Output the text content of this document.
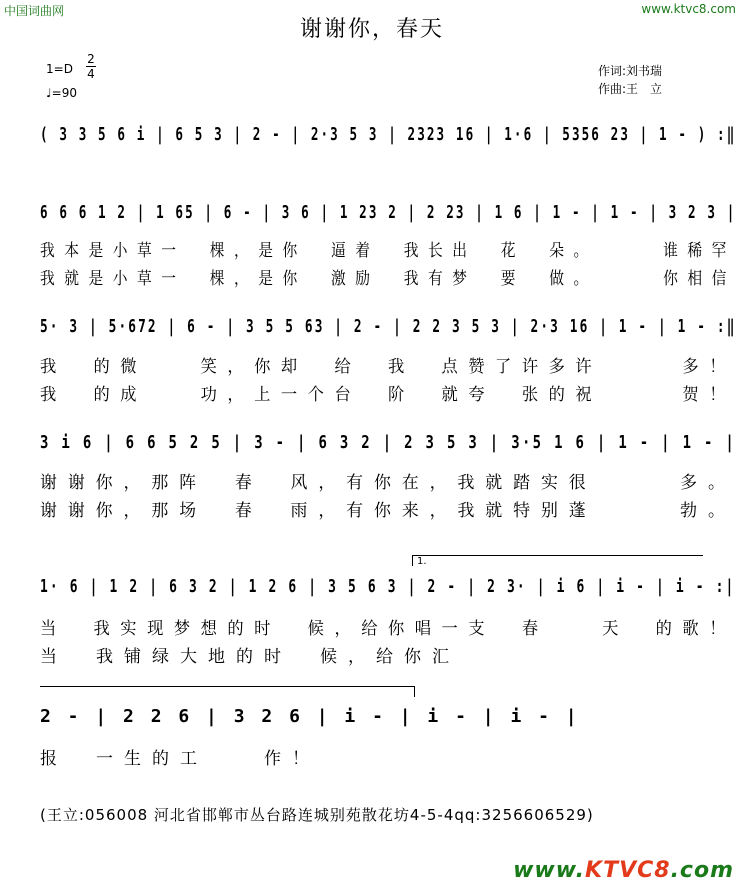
中国词曲网	www.ktvc8.com
谢谢你，春天
1=D
2
4
♩=90
作词:刘书瑞
作曲:王　立
( 3 3 5 6 i | 6 5 3 | 2 - | 2·3 5 3 | 2323 16 | 1·6 | 5356 23 | 1 - ) :‖
6 6 6 1 2 | 1 65 | 6 - | 3 6 | 1 23 2 | 2 23 | 1 6 | 1 - | 1 - | 3 2 3 |
我本是小草一　棵，是你　逼着　我长出　花　朵。　　　谁稀罕
我就是小草一　棵，是你　激励　我有梦　要　做。　　　你相信
5· 3 | 5·672 | 6 - | 3 5 5 63 | 2 - | 2 2 3 5 3 | 2·3 16 | 1 - | 1 - :‖
我　的微　　笑，你却　给　我　点赞了许多许　　　多！
我　的成　　功，上一个台　阶　就夸　张的祝　　　贺！
3 i 6 | 6 6 5 2 5 | 3 - | 6 3 2 | 2 3 5 3 | 3·5 1 6 | 1 - | 1 - |
谢谢你，那阵　春　风，有你在，我就踏实很　　　多。
谢谢你，那场　春　雨，有你来，我就特别蓬　　　勃。
1.
1· 6 | 1 2 | 6 3 2 | 1 2 6 | 3 5 6 3 | 2 - | 2 3· | i 6 | i - | i - :|
当　我实现梦想的时　候，给你唱一支　春　　天　的歌！
当　我铺绿大地的时　候，给你汇
2 - | 2 2 6 | 3 2 6 | i - | i - | i - |
报　一生的工　　作！
(王立:056008 河北省邯郸市丛台路连城别苑散花坊4-5-4qq:3256606529)
www.KTVC8.com
